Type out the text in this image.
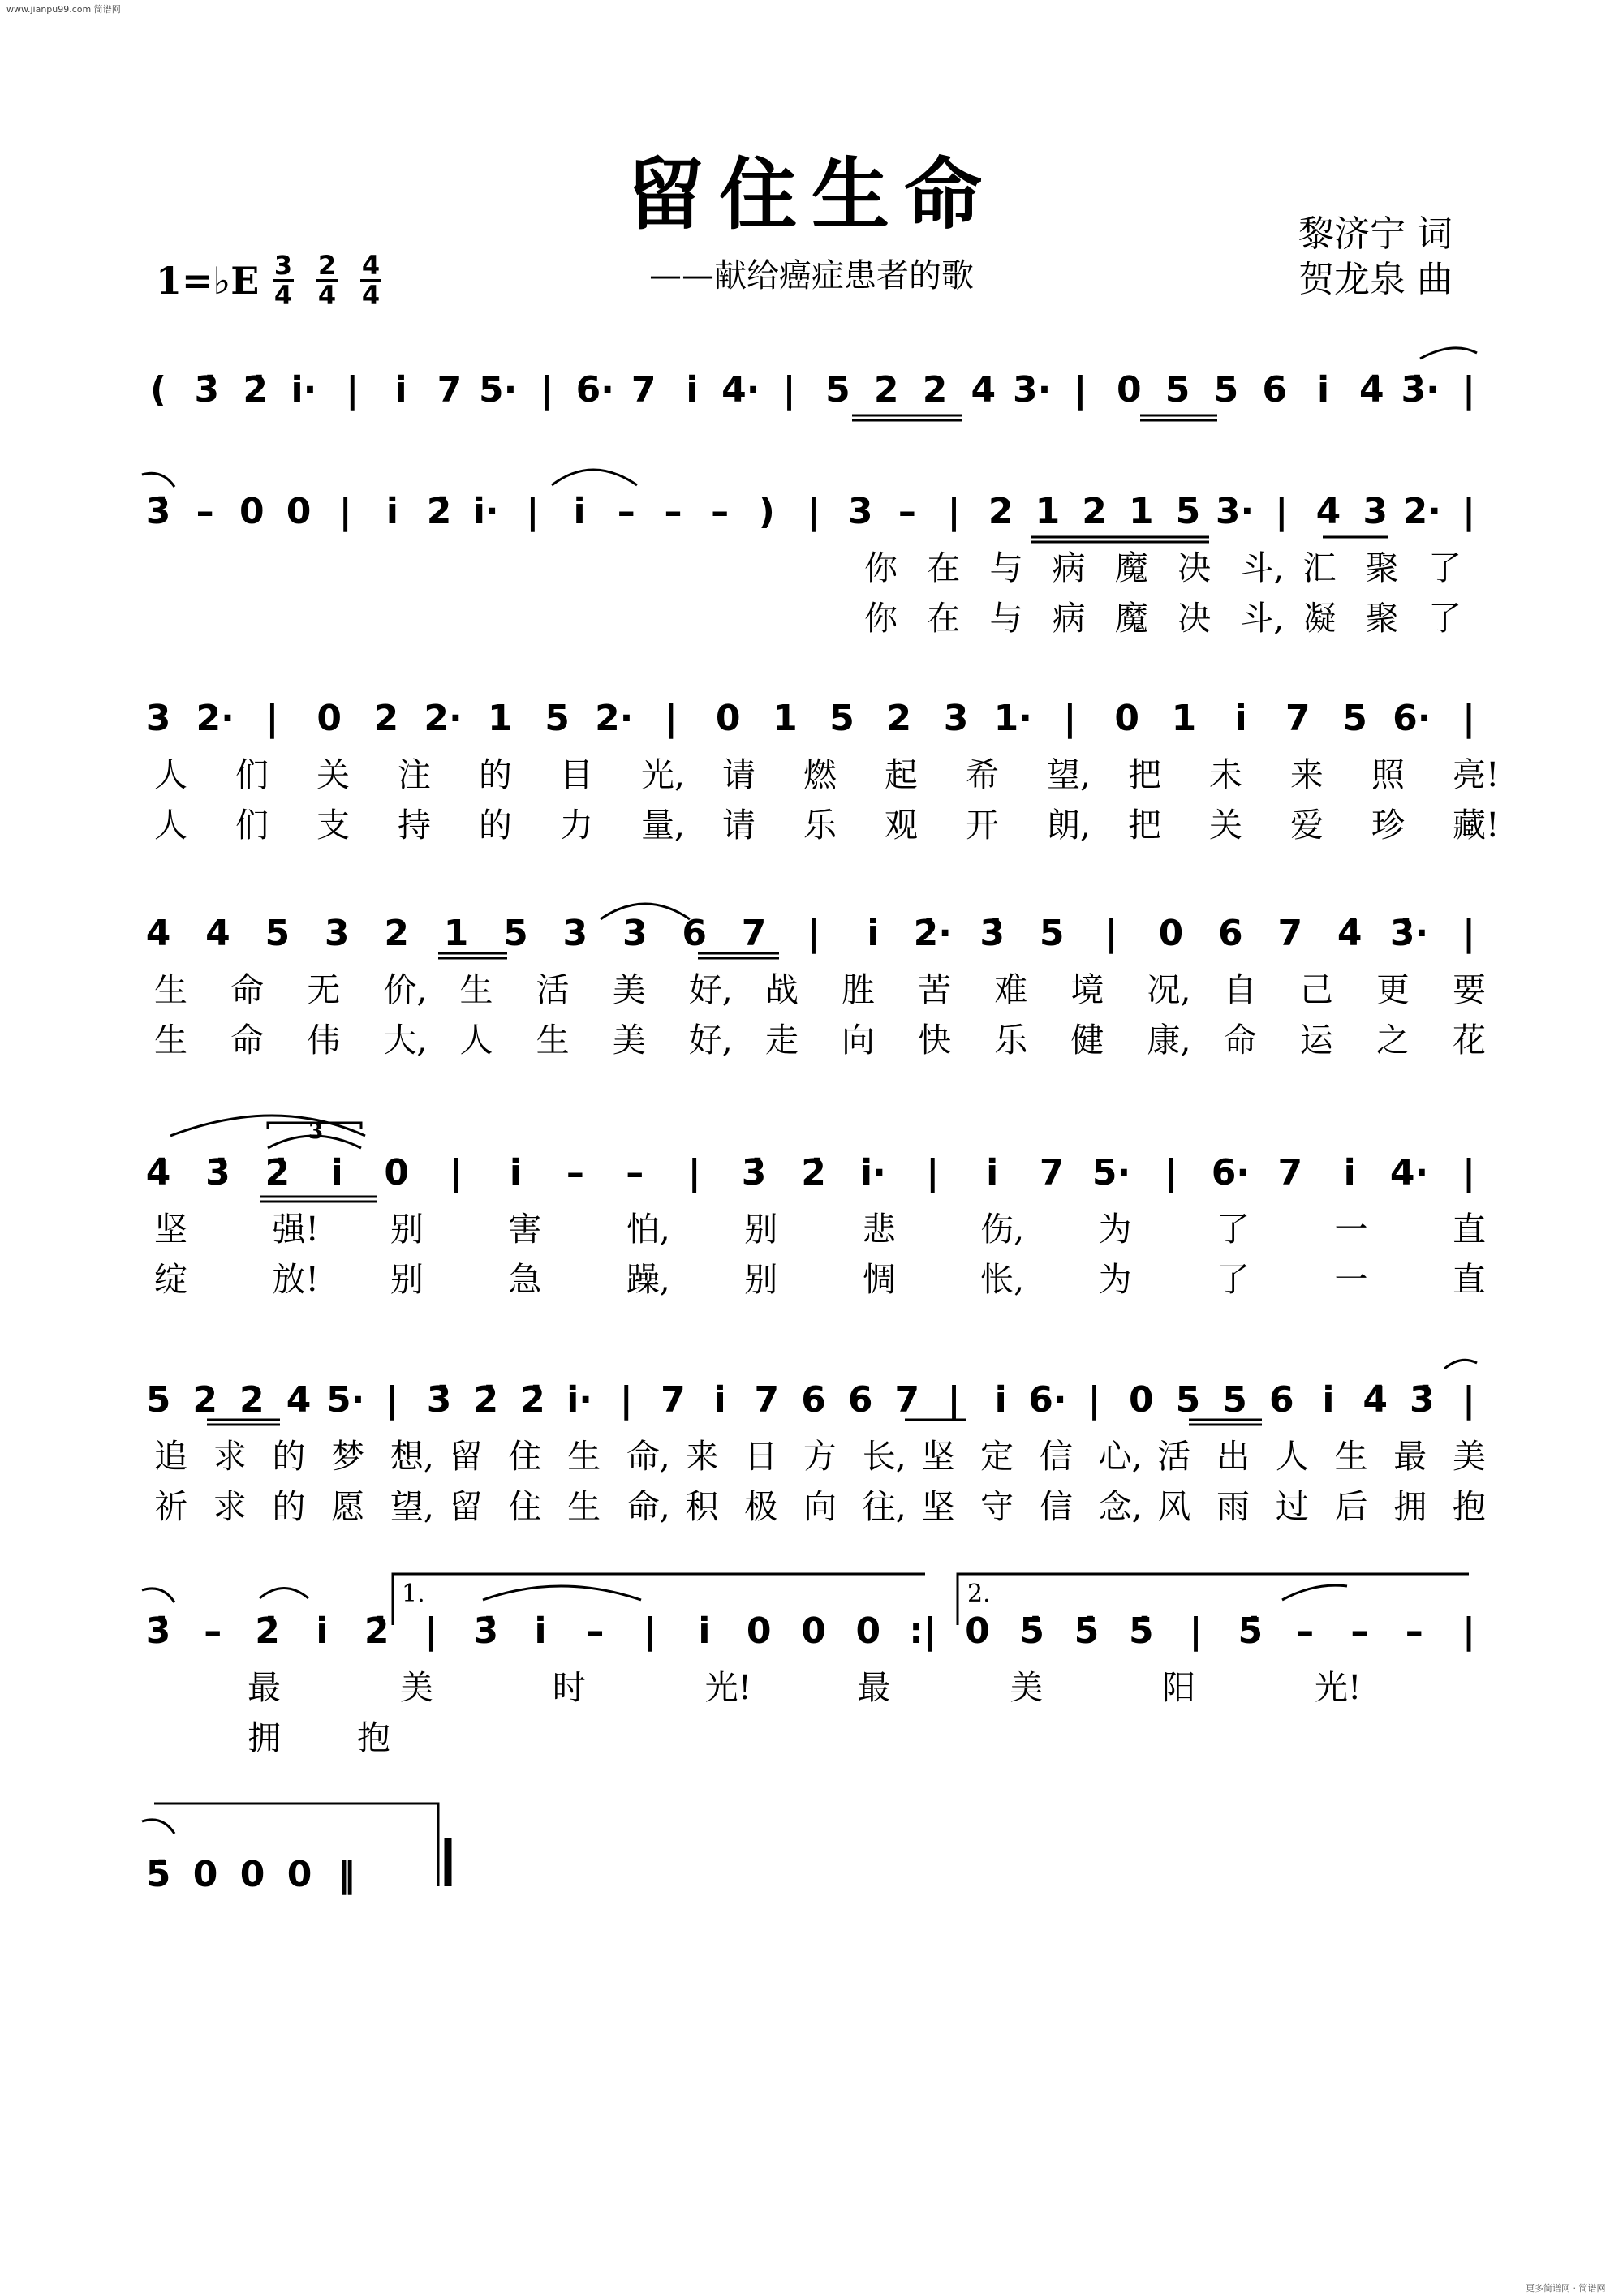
www.jianpu99.com 简谱网
更多简谱网 · 简谱网
留住生命
——献给癌症患者的歌
黎济宁 词
贺龙泉 曲
1=♭E 3
4
2
4
4
4
( 3̇ 2̇ i̇· |	i̇ 7 5· | 6· 7 i̇ 4· | 5 2 2 4 3· | 0 5 5 6 i̇ 4̇ 3̇· |
3̇ – 0 0 | i̇ 2̇ i̇· | i̇ – – – ) | 3 – | 2 1 2 1 5 3· | 4 3 2· |
你 在 与 病 魔 决 斗, 汇 聚 了
你 在 与 病 魔 决 斗, 凝 聚 了
3 2· |	0 2 2· 1 5 2· |	0 1 5 2 3 1· |	0 1	i̇	7 5 6· |
人 们 关 注 的 目 光, 请 燃 起 希 望, 把 未 来 照 亮!
人 们 支 持 的 力 量, 请 乐 观 开 朗, 把 关 爱 珍 藏!
4 4 5 3 2 1 5 3 3 6 7	|	i̇ 2̇· 3̇ 5	|	0 6 7 4̇ 3̇· |
生 命 无 价, 生 活 美 好, 战 胜 苦 难 境 况, 自 己 更 要
生 命 伟 大, 人 生 美 好, 走 向 快 乐 健 康, 命 运 之 花
4̇ 3̇ 2̇	i̇	0	|	i̇	–	–	|	3̇ 2̇ i̇·	|	i̇	7 5· | 6· 7	i̇ 4· |
坚	强! 别	害	怕, 别	悲	伤, 为	了	一	直
绽	放! 别	急	躁, 别	惆	怅, 为	了	一	直
5 2 2 4 5· | 3̇ 2̇ 2̇ i̇· | 7 i̇ 7 6 6 7 | i̇ 6· | 0 5 5 6 i̇ 4̇ 3̇ |
追 求 的 梦 想, 留 住 生 命, 来 日 方 长, 坚 定 信 心, 活 出 人 生 最 美
祈 求 的 愿 望, 留 住 生 命, 积 极 向 往, 坚 守 信 念, 风 雨 过 后 拥 抱
3̇ – 2̇	i̇	2̇ | 3̇	i̇	–	|	i̇	0 0 0 :| 0 5̇ 5̇ 5̇ | 5̇ –	–	–	|
最	美	时	光!	最	美	阳	光!
拥 抱
5̇ 0 0 0 ‖
1.	2.
3
